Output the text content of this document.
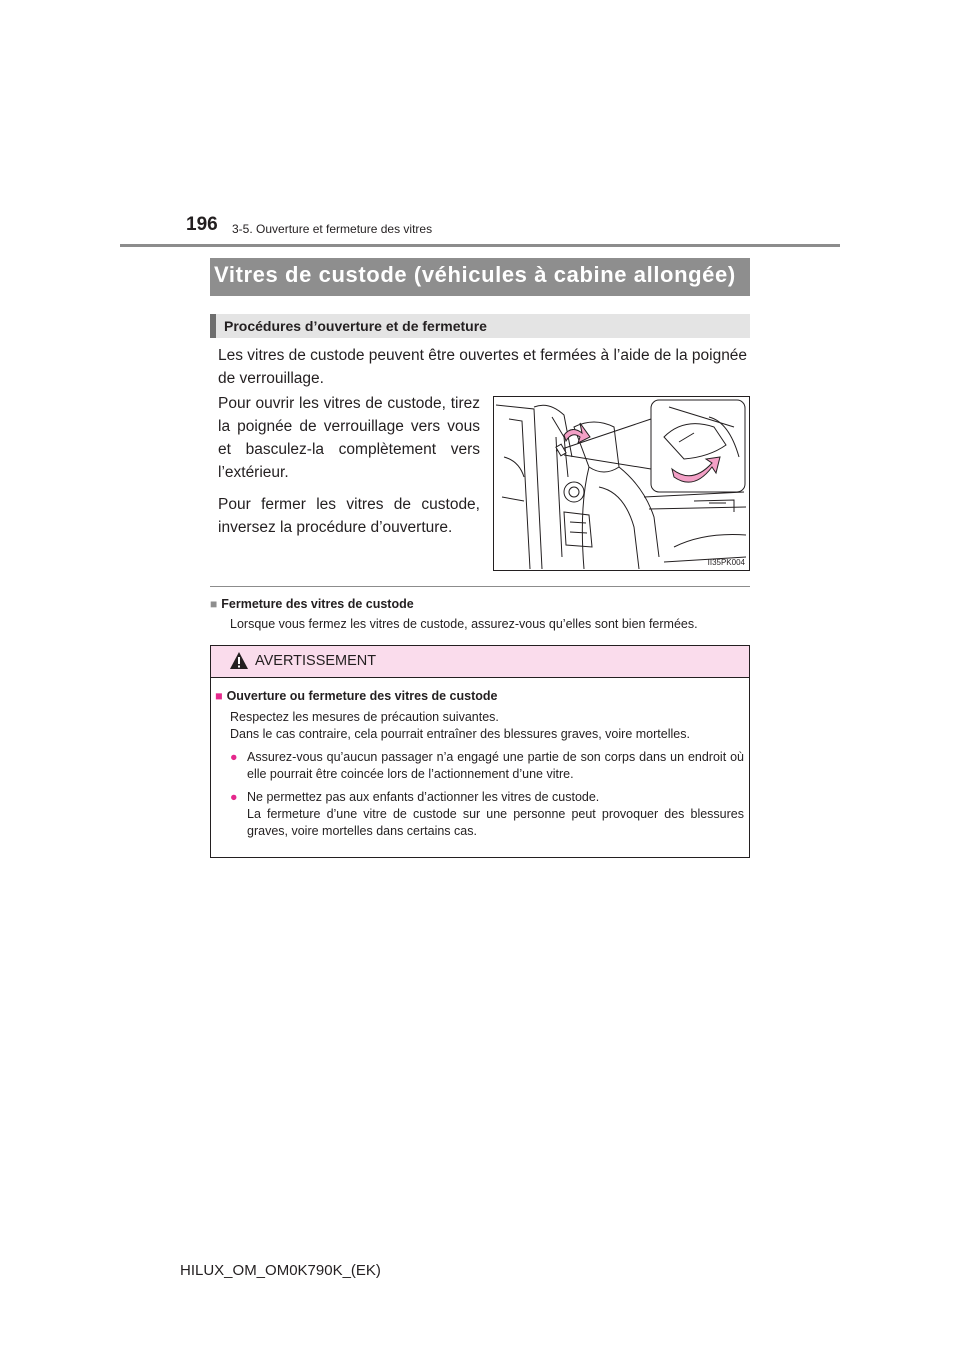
196 3-5. Ouverture et fermeture des vitres
Vitres de custode (véhicules à cabine allongée)
Procédures d’ouverture et de fermeture
Les vitres de custode peuvent être ouvertes et fermées à l’aide de la poignée de verrouillage.
Pour ouvrir les vitres de custode, tirez la poignée de verrouillage vers vous et basculez-la complètement vers l’extérieur.
Pour fermer les vitres de custode, inversez la procédure d’ouverture.
II35PK004
■ Fermeture des vitres de custode
Lorsque vous fermez les vitres de custode, assurez-vous qu’elles sont bien fermées.
AVERTISSEMENT
■ Ouverture ou fermeture des vitres de custode
Respectez les mesures de précaution suivantes.
Dans le cas contraire, cela pourrait entraîner des blessures graves, voire mortelles.
● Assurez-vous qu’aucun passager n’a engagé une partie de son corps dans un endroit où elle pourrait être coincée lors de l’actionnement d’une vitre.
● Ne permettez pas aux enfants d’actionner les vitres de custode.
La fermeture d’une vitre de custode sur une personne peut provoquer des blessures graves, voire mortelles dans certains cas.
HILUX_OM_OM0K790K_(EK)
